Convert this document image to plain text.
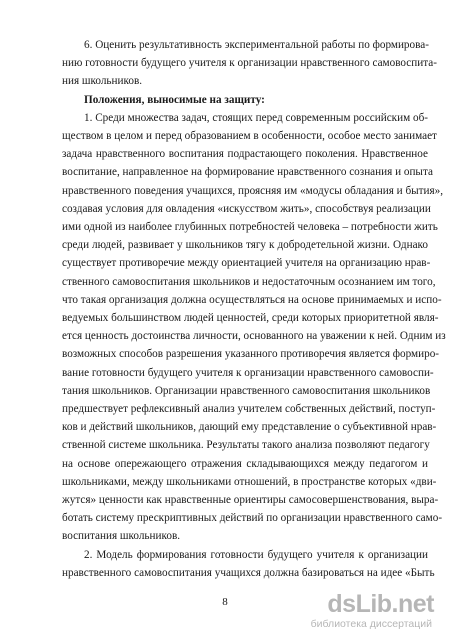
6. Оценить результативность экспериментальной работы по формирова-
нию готовности будущего учителя к организации нравственного самовоспита-
ния школьников.
Положения, выносимые на защиту:
1. Среди множества задач, стоящих перед современным российским об-
ществом в целом и перед образованием в особенности, особое место занимает
задача нравственного воспитания подрастающего поколения. Нравственное
воспитание, направленное на формирование нравственного сознания и опыта
нравственного поведения учащихся, проясняя им «модусы обладания и бытия»,
создавая условия для овладения «искусством жить», способствуя реализации
ими одной из наиболее глубинных потребностей человека – потребности жить
среди людей, развивает у школьников тягу к добродетельной жизни. Однако
существует противоречие между ориентацией учителя на организацию нрав-
ственного самовоспитания школьников и недостаточным осознанием им того,
что такая организация должна осуществляться на основе принимаемых и испо-
ведуемых большинством людей ценностей, среди которых приоритетной явля-
ется ценность достоинства личности, основанного на уважении к ней. Одним из
возможных способов разрешения указанного противоречия является формиро-
вание готовности будущего учителя к организации нравственного самовоспи-
тания школьников. Организации нравственного самовоспитания школьников
предшествует рефлексивный анализ учителем собственных действий, поступ-
ков и действий школьников, дающий ему представление о субъективной нрав-
ственной системе школьника. Результаты такого анализа позволяют педагогу
на основе опережающего отражения складывающихся между педагогом и
школьниками, между школьниками отношений, в пространстве которых «дви-
жутся» ценности как нравственные ориентиры самосовершенствования, выра-
ботать систему прескриптивных действий по организации нравственного само-
воспитания школьников.
2. Модель формирования готовности будущего учителя к организации
нравственного самовоспитания учащихся должна базироваться на идее «Быть
8	dsLib.net
библиотека диссертаций
